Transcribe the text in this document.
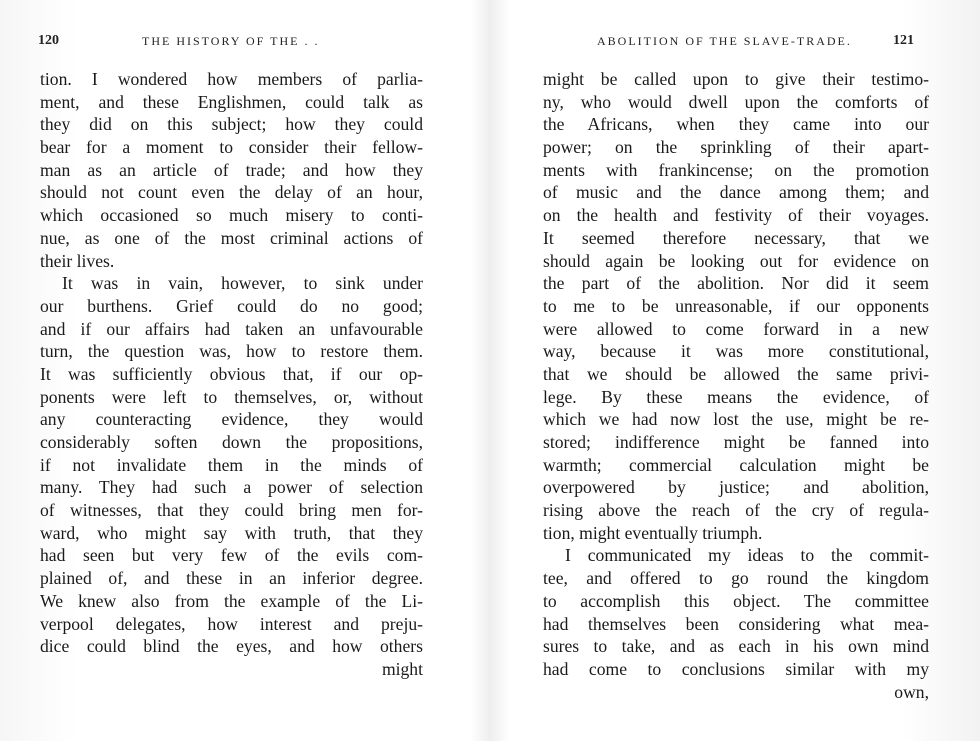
120	THE HISTORY OF THE . .
tion. I wondered how members of parlia-
ment, and these Englishmen, could talk as
they did on this subject; how they could
bear for a moment to consider their fellow-
man as an article of trade; and how they
should not count even the delay of an hour,
which occasioned so much misery to conti-
nue, as one of the most criminal actions of
their lives.
It was in vain, however, to sink under
our burthens. Grief could do no good;
and if our affairs had taken an unfavourable
turn, the question was, how to restore them.
It was sufficiently obvious that, if our op-
ponents were left to themselves, or, without
any counteracting evidence, they would
considerably soften down the propositions,
if not invalidate them in the minds of
many. They had such a power of selection
of witnesses, that they could bring men for-
ward, who might say with truth, that they
had seen but very few of the evils com-
plained of, and these in an inferior degree.
We knew also from the example of the Li-
verpool delegates, how interest and preju-
dice could blind the eyes, and how others
might
ABOLITION OF THE SLAVE-TRADE.	121
might be called upon to give their testimo-
ny, who would dwell upon the comforts of
the Africans, when they came into our
power; on the sprinkling of their apart-
ments with frankincense; on the promotion
of music and the dance among them; and
on the health and festivity of their voyages.
It seemed therefore necessary, that we
should again be looking out for evidence on
the part of the abolition. Nor did it seem
to me to be unreasonable, if our opponents
were allowed to come forward in a new
way, because it was more constitutional,
that we should be allowed the same privi-
lege. By these means the evidence, of
which we had now lost the use, might be re-
stored; indifference might be fanned into
warmth; commercial calculation might be
overpowered by justice; and abolition,
rising above the reach of the cry of regula-
tion, might eventually triumph.
I communicated my ideas to the commit-
tee, and offered to go round the kingdom
to accomplish this object. The committee
had themselves been considering what mea-
sures to take, and as each in his own mind
had come to conclusions similar with my
own,
